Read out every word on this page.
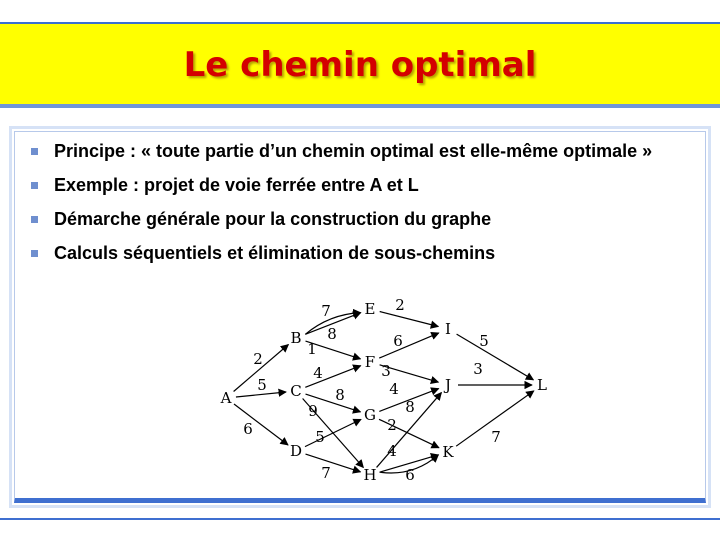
Le chemin optimal
Principe : « toute partie d’un chemin optimal est elle-même optimale »
Exemple : projet de voie ferrée entre A et L
Démarche générale pour la construction du graphe
Calculs séquentiels et élimination de sous-chemins
2
5
6
7
8
1
4
8
9
5
7
2
6
3
4
2
8
4
6
5
3
7
A
B
C
D
E
F
G
H
I
J
K
L
